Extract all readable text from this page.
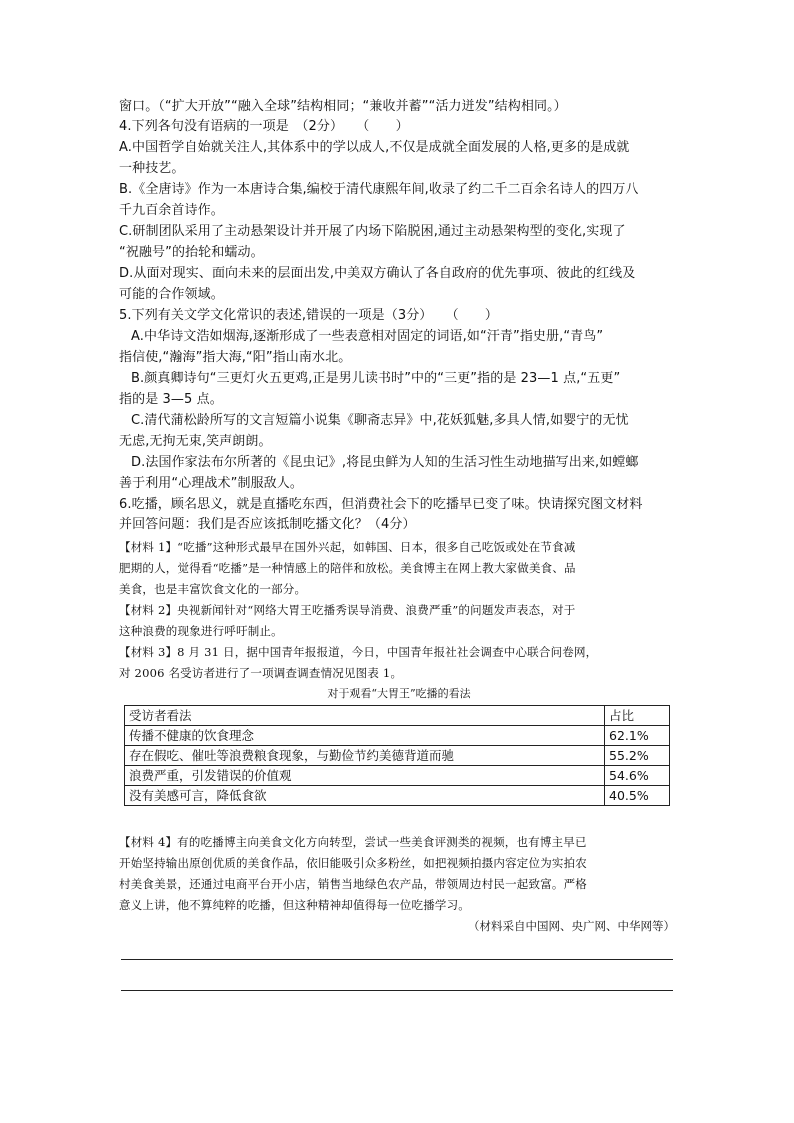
窗口。（“扩大开放”“融入全球”结构相同；“兼收并蓄”“活力迸发”结构相同。）
4.下列各句没有语病的一项是　（2分）　　（　　）
A.中国哲学自始就关注人,其体系中的学以成人,不仅是成就全面发展的人格,更多的是成就
一种技艺。
B.《全唐诗》作为一本唐诗合集,编校于清代康熙年间,收录了约二千二百余名诗人的四万八
千九百余首诗作。
C.研制团队采用了主动悬架设计并开展了内场下陷脱困,通过主动悬架构型的变化,实现了
“祝融号”的抬轮和蠕动。
D.从面对现实、面向未来的层面出发,中美双方确认了各自政府的优先事项、彼此的红线及
可能的合作领域。
5.下列有关文学文化常识的表述,错误的一项是（3分）　　（　　）
A.中华诗文浩如烟海,逐渐形成了一些表意相对固定的词语,如“汗青”指史册,“青鸟”
指信使,“瀚海”指大海,“阳”指山南水北。
B.颜真卿诗句“三更灯火五更鸡,正是男儿读书时”中的“三更”指的是 23—1 点,“五更”
指的是 3—5 点。
C.清代蒲松龄所写的文言短篇小说集《聊斋志异》中,花妖狐魅,多具人情,如婴宁的无忧
无虑,无拘无束,笑声朗朗。
D.法国作家法布尔所著的《昆虫记》,将昆虫鲜为人知的生活习性生动地描写出来,如螳螂
善于利用“心理战术”制服敌人。
6.吃播，顾名思义，就是直播吃东西，但消费社会下的吃播早已变了味。快请探究图文材料
并回答问题：我们是否应该抵制吃播文化？（4分）
【材料 1】“吃播”这种形式最早在国外兴起，如韩国、日本，很多自己吃饭或处在节食减
肥期的人，觉得看“吃播”是一种情感上的陪伴和放松。美食博主在网上教大家做美食、品
美食，也是丰富饮食文化的一部分。
【材料 2】央视新闻针对“网络大胃王吃播秀误导消费、浪费严重”的问题发声表态，对于
这种浪费的现象进行呼吁制止。
【材料 3】8 月 31 日，据中国青年报报道，今日，中国青年报社社会调查中心联合问卷网，
对 2006 名受访者进行了一项调查调查情况见图表 1。
对于观看“大胃王”吃播的看法
受访者看法	占比
传播不健康的饮食理念	62.1%
存在假吃、催吐等浪费粮食现象，与勤俭节约美德背道而驰	55.2%
浪费严重，引发错误的价值观	54.6%
没有美感可言，降低食欲	40.5%
【材料 4】有的吃播博主向美食文化方向转型，尝试一些美食评测类的视频，也有博主早已
开始坚持输出原创优质的美食作品，依旧能吸引众多粉丝，如把视频拍摄内容定位为实拍农
村美食美景，还通过电商平台开小店，销售当地绿色农产品，带领周边村民一起致富。严格
意义上讲，他不算纯粹的吃播，但这种精神却值得每一位吃播学习。
（材料采自中国网、央广网、中华网等）
